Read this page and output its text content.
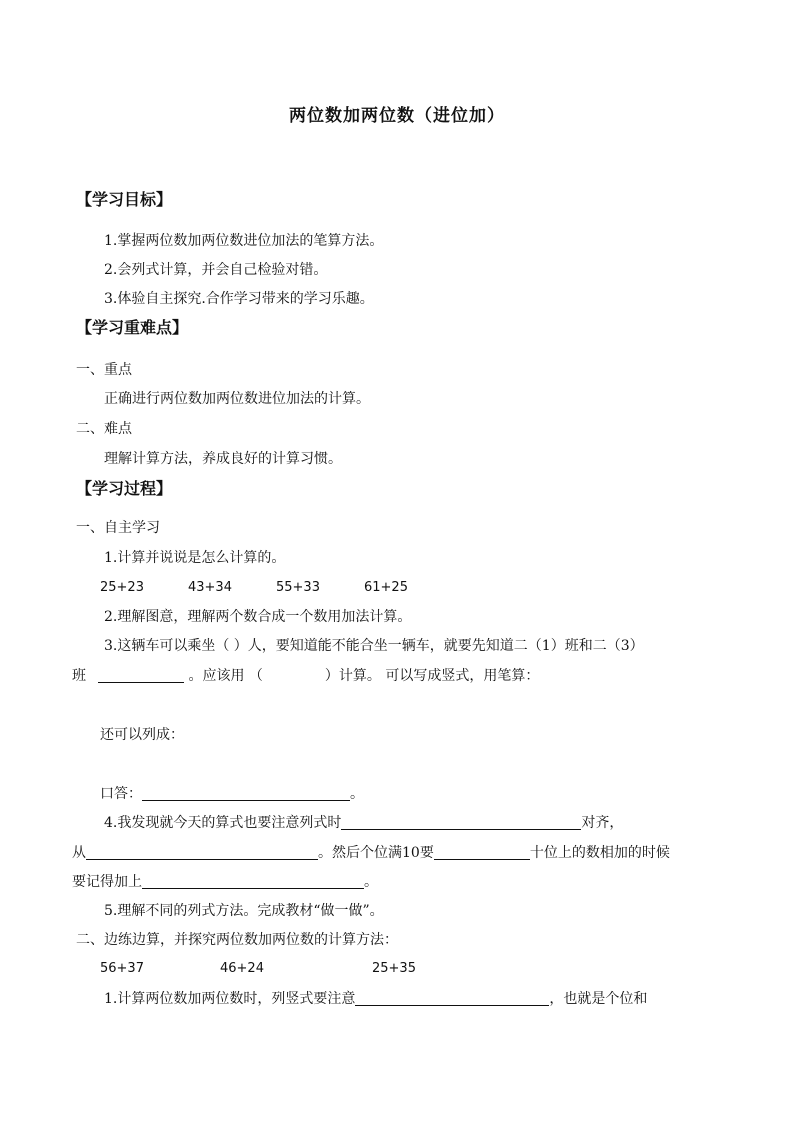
两位数加两位数（进位加）
【学习目标】
1.掌握两位数加两位数进位加法的笔算方法。
2.会列式计算，并会自己检验对错。
3.体验自主探究.合作学习带来的学习乐趣。
【学习重难点】
一、重点
正确进行两位数加两位数进位加法的计算。
二、难点
理解计算方法，养成良好的计算习惯。
【学习过程】
一、自主学习
1.计算并说说是怎么计算的。
25+23	43+34	55+33	61+25
2.理解图意，理解两个数合成一个数用加法计算。
3.这辆车可以乘坐（ ）人，要知道能不能合坐一辆车，就要先知道二（1）班和二（3）
班	。应该用 （	）计算。 可以写成竖式，用笔算：
还可以列成：
口答：	。
4.我发现就今天的算式也要注意列式时	对齐，
从	。然后个位满10要	十位上的数相加的时候
要记得加上	。
5.理解不同的列式方法。完成教材“做一做”。
二、边练边算，并探究两位数加两位数的计算方法：
56+37	46+24	25+35
1.计算两位数加两位数时，列竖式要注意	，也就是个位和
